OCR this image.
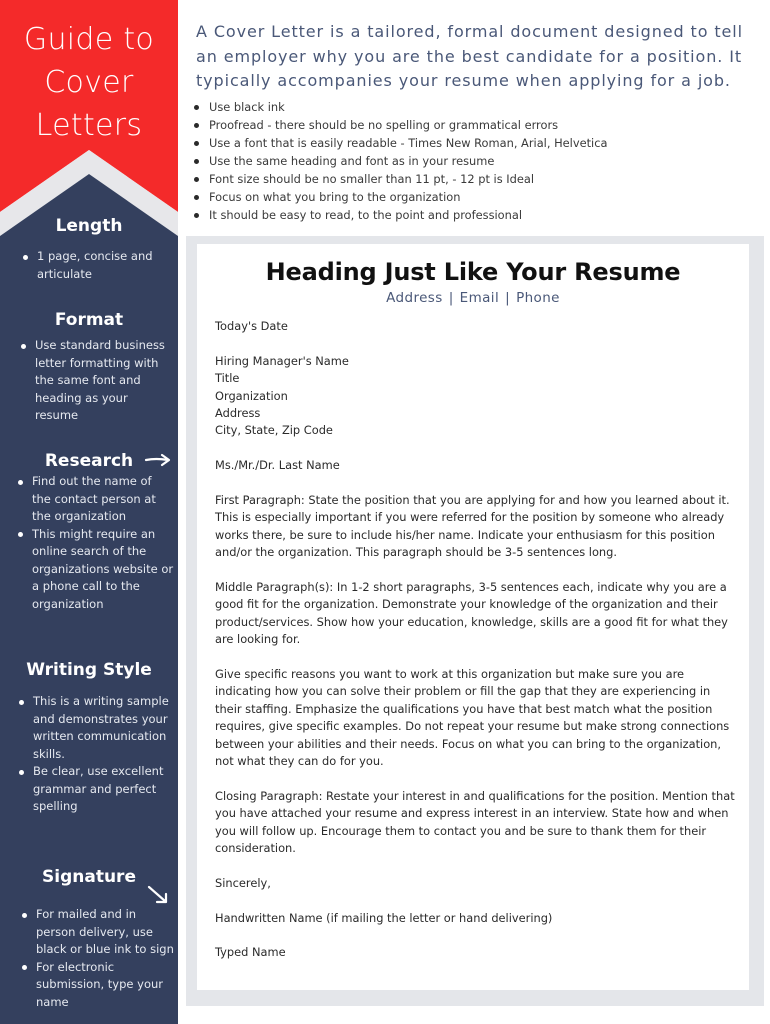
Guide to
Cover
Letters
Length
1 page, concise and articulate
Format
Use standard business letter formatting with the same font and heading as your resume
Research
Find out the name of the contact person at the organization
This might require an online search of the organizations website or a phone call to the organization
Writing Style
This is a writing sample and demonstrates your written communication skills.
Be clear, use excellent grammar and perfect spelling
Signature
For mailed and in person delivery, use black or blue ink to sign
For electronic submission, type your name
A Cover Letter is a tailored, formal document designed to tell an employer why you are the best candidate for a position. It typically accompanies your resume when applying for a job.
Use black ink
Proofread - there should be no spelling or grammatical errors
Use a font that is easily readable - Times New Roman, Arial, Helvetica
Use the same heading and font as in your resume
Font size should be no smaller than 11 pt, - 12 pt is Ideal
Focus on what you bring to the organization
It should be easy to read, to the point and professional
Heading Just Like Your Resume
Address | Email | Phone

Today's Date

Hiring Manager's Name
Title
Organization
Address
City, State, Zip Code

Ms./Mr./Dr. Last Name

First Paragraph: State the position that you are applying for and how you learned about it. This is especially important if you were referred for the position by someone who already works there, be sure to include his/her name. Indicate your enthusiasm for this position and/or the organization. This paragraph should be 3-5 sentences long.

Middle Paragraph(s): In 1-2 short paragraphs, 3-5 sentences each, indicate why you are a good fit for the organization. Demonstrate your knowledge of the organization and their product/services. Show how your education, knowledge, skills are a good fit for what they are looking for.

Give specific reasons you want to work at this organization but make sure you are indicating how you can solve their problem or fill the gap that they are experiencing in their staffing. Emphasize the qualifications you have that best match what the position requires, give specific examples. Do not repeat your resume but make strong connections between your abilities and their needs. Focus on what you can bring to the organization, not what they can do for you.

Closing Paragraph: Restate your interest in and qualifications for the position. Mention that you have attached your resume and express interest in an interview. State how and when you will follow up. Encourage them to contact you and be sure to thank them for their consideration.

Sincerely,

Handwritten Name (if mailing the letter or hand delivering)

Typed Name
